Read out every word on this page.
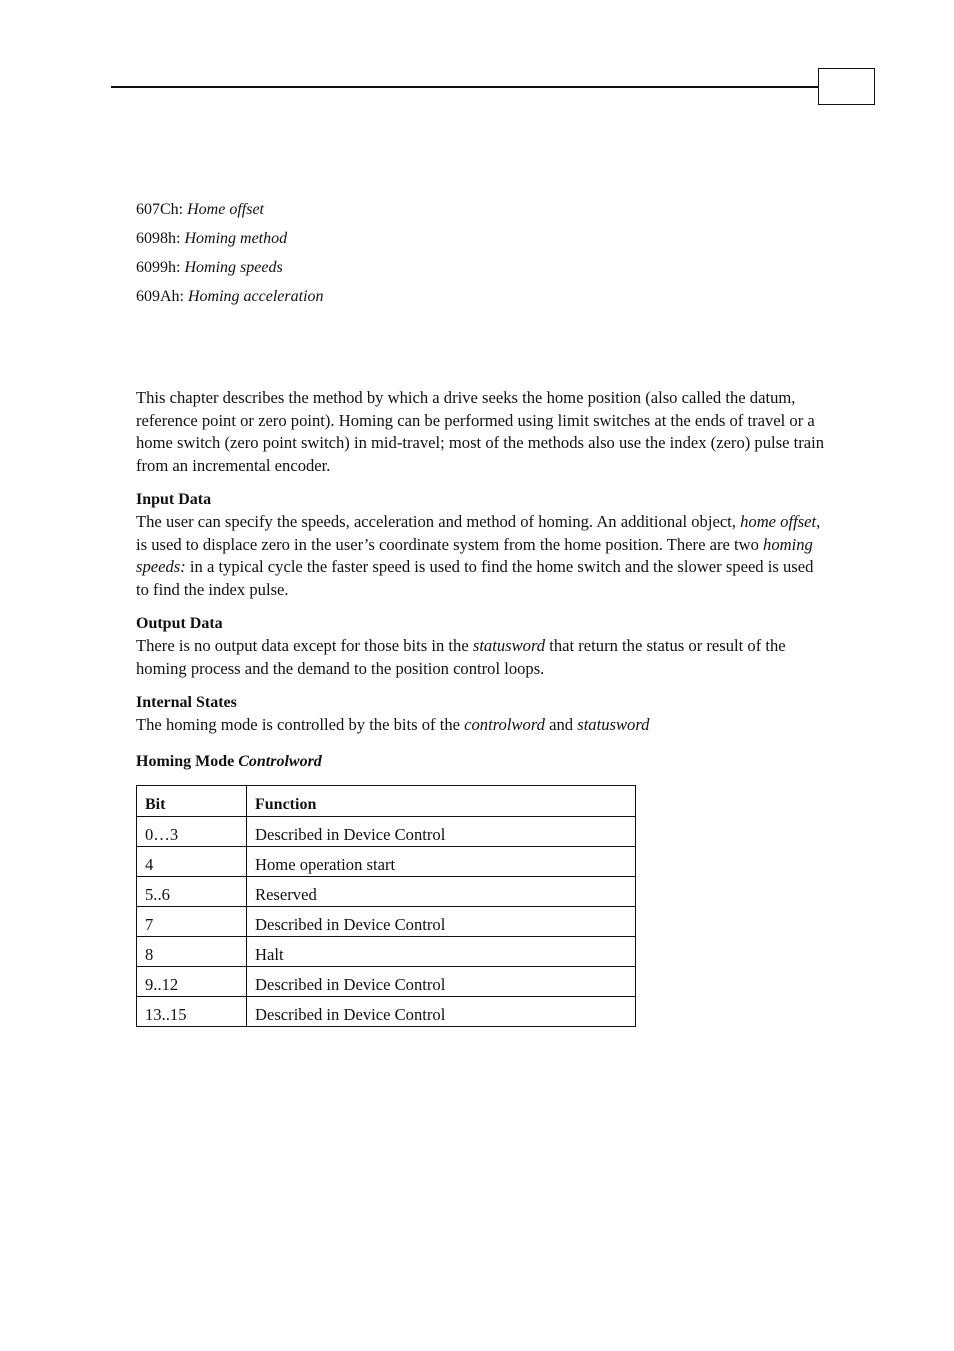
607Ch: Home offset
6098h: Homing method
6099h: Homing speeds
609Ah: Homing acceleration

This chapter describes the method by which a drive seeks the home position (also called the datum, reference point or zero point). Homing can be performed using limit switches at the ends of travel or a home switch (zero point switch) in mid-travel; most of the methods also use the index (zero) pulse train from an incremental encoder.

Input Data
The user can specify the speeds, acceleration and method of homing. An additional object, home offset, is used to displace zero in the user’s coordinate system from the home position. There are two homing speeds: in a typical cycle the faster speed is used to find the home switch and the slower speed is used to find the index pulse.
Output Data
There is no output data except for those bits in the statusword that return the status or result of the homing process and the demand to the position control loops.
Internal States
The homing mode is controlled by the bits of the controlword and statusword
Homing Mode Controlword
Bit	Function
0…3	Described in Device Control
4	Home operation start
5..6	Reserved
7	Described in Device Control
8	Halt
9..12	Described in Device Control
13..15	Described in Device Control
